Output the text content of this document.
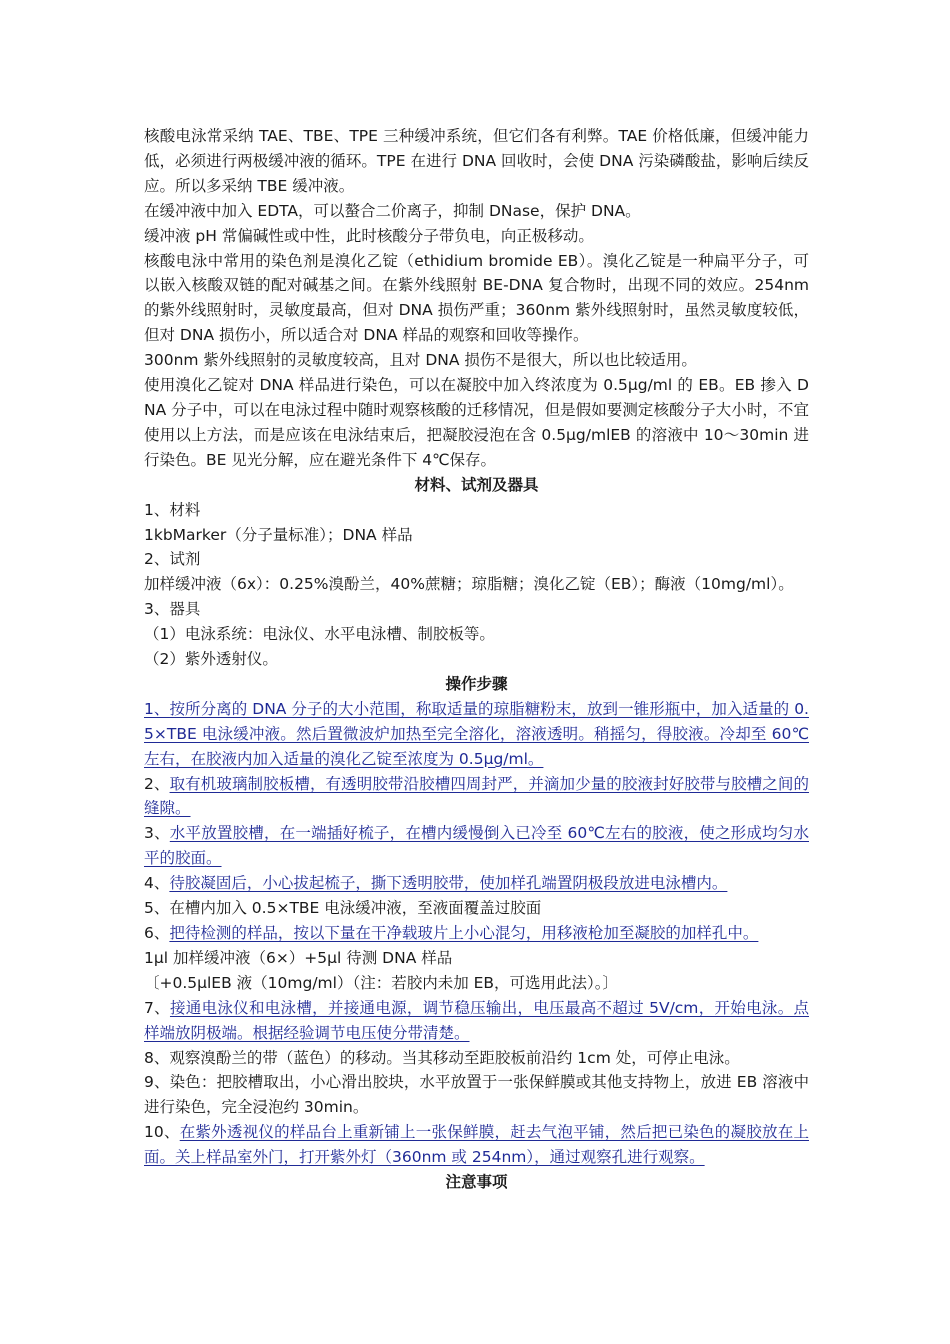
核酸电泳常采纳 TAE、TBE、TPE 三种缓冲系统，但它们各有利弊。TAE 价格低廉，但缓冲能力低，必须进行两极缓冲液的循环。TPE 在进行 DNA 回收时，会使 DNA 污染磷酸盐，影响后续反应。所以多采纳 TBE 缓冲液。

在缓冲液中加入 EDTA，可以螯合二价离子，抑制 DNase，保护 DNA。

缓冲液 pH 常偏碱性或中性，此时核酸分子带负电，向正极移动。

核酸电泳中常用的染色剂是溴化乙锭（ethidium bromide EB）。溴化乙锭是一种扁平分子，可以嵌入核酸双链的配对碱基之间。在紫外线照射 BE-DNA 复合物时，出现不同的效应。254nm 的紫外线照射时，灵敏度最高，但对 DNA 损伤严重；360nm 紫外线照射时，虽然灵敏度较低，但对 DNA 损伤小，所以适合对 DNA 样品的观察和回收等操作。

300nm 紫外线照射的灵敏度较高，且对 DNA 损伤不是很大，所以也比较适用。

使用溴化乙锭对 DNA 样品进行染色，可以在凝胶中加入终浓度为 0.5μg/ml 的 EB。EB 掺入 DNA 分子中，可以在电泳过程中随时观察核酸的迁移情况，但是假如要测定核酸分子大小时，不宜使用以上方法，而是应该在电泳结束后，把凝胶浸泡在含 0.5μg/mlEB 的溶液中 10～30min 进行染色。BE 见光分解，应在避光条件下 4℃保存。

材料、试剂及器具

1、材料

1kbMarker（分子量标准）；DNA 样品

2、试剂

加样缓冲液（6x）：0.25%溴酚兰，40%蔗糖；琼脂糖；溴化乙锭（EB）；酶液（10mg/ml）。

3、器具

（1）电泳系统：电泳仪、水平电泳槽、制胶板等。

（2）紫外透射仪。

操作步骤

1、按所分离的 DNA 分子的大小范围，称取适量的琼脂糖粉末，放到一锥形瓶中，加入适量的 0.5×TBE 电泳缓冲液。然后置微波炉加热至完全溶化，溶液透明。稍摇匀，得胶液。冷却至 60℃左右，在胶液内加入适量的溴化乙锭至浓度为 0.5μg/ml。

2、取有机玻璃制胶板槽，有透明胶带沿胶槽四周封严，并滴加少量的胶液封好胶带与胶槽之间的缝隙。

3、水平放置胶槽，在一端插好梳子，在槽内缓慢倒入已冷至 60℃左右的胶液，使之形成均匀水平的胶面。

4、待胶凝固后，小心拔起梳子，撕下透明胶带，使加样孔端置阴极段放进电泳槽内。

5、在槽内加入 0.5×TBE 电泳缓冲液，至液面覆盖过胶面

6、把待检测的样品，按以下量在干净载玻片上小心混匀，用移液枪加至凝胶的加样孔中。

1μl 加样缓冲液（6×）+5μl 待测 DNA 样品

〔+0.5μlEB 液（10mg/ml）（注：若胶内未加 EB，可选用此法）。〕

7、接通电泳仪和电泳槽，并接通电源，调节稳压输出，电压最高不超过 5V/cm，开始电泳。点样端放阴极端。根据经验调节电压使分带清楚。

8、观察溴酚兰的带（蓝色）的移动。当其移动至距胶板前沿约 1cm 处，可停止电泳。

9、染色：把胶槽取出，小心滑出胶块，水平放置于一张保鲜膜或其他支持物上，放进 EB 溶液中进行染色，完全浸泡约 30min。

10、在紫外透视仪的样品台上重新铺上一张保鲜膜，赶去气泡平铺，然后把已染色的凝胶放在上面。关上样品室外门，打开紫外灯（360nm 或 254nm），通过观察孔进行观察。

注意事项
